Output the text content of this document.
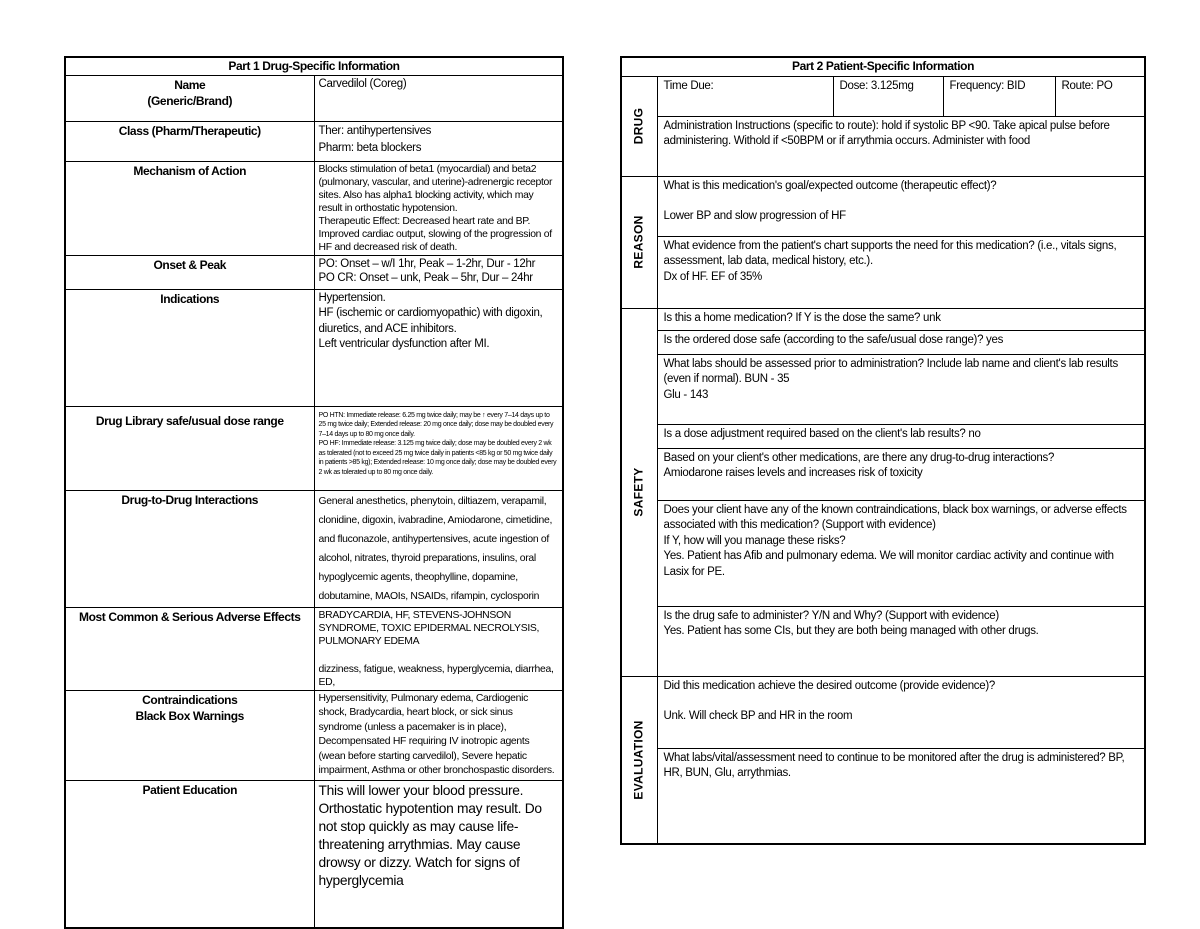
Part 1 Drug-Specific Information	
Name
(Generic/Brand)	Carvedilol (Coreg)
Class (Pharm/Therapeutic)	Ther: antihypertensives
Pharm: beta blockers
Mechanism of Action	Blocks stimulation of beta1 (myocardial) and beta2 (pulmonary, vascular, and uterine)-adrenergic receptor sites. Also has alpha1 blocking activity, which may result in orthostatic hypotension.
Therapeutic Effect: Decreased heart rate and BP.
Improved cardiac output, slowing of the progression of HF and decreased risk of death.
Onset & Peak	PO: Onset – w/I 1hr, Peak – 1-2hr, Dur - 12hr
PO CR: Onset – unk, Peak – 5hr, Dur – 24hr
Indications	Hypertension.
HF (ischemic or cardiomyopathic) with digoxin, diuretics, and ACE inhibitors.
Left ventricular dysfunction after MI.
Drug Library safe/usual dose range	PO HTN: Immediate release: 6.25 mg twice daily; may be ↑ every 7–14 days up to 25 mg twice daily; Extended release: 20 mg once daily; dose may be doubled every 7–14 days up to 80 mg once daily.
PO HF: Immediate release: 3.125 mg twice daily; dose may be doubled every 2 wk as tolerated (not to exceed 25 mg twice daily in patients <85 kg or 50 mg twice daily in patients >85 kg); Extended release: 10 mg once daily; dose may be doubled every 2 wk as tolerated up to 80 mg once daily.
Drug-to-Drug Interactions	General anesthetics, phenytoin, diltiazem, verapamil, clonidine, digoxin, ivabradine, Amiodarone, cimetidine, and fluconazole, antihypertensives, acute ingestion of alcohol, nitrates, thyroid preparations, insulins, oral hypoglycemic agents, theophylline, dopamine, dobutamine, MAOIs, NSAIDs, rifampin, cyclosporin
Most Common & Serious Adverse Effects	BRADYCARDIA, HF, STEVENS-JOHNSON SYNDROME, TOXIC EPIDERMAL NECROLYSIS, PULMONARY EDEMA
dizziness, fatigue, weakness, hyperglycemia, diarrhea, ED,

Contraindications
Black Box Warnings	Hypersensitivity, Pulmonary edema, Cardiogenic shock, Bradycardia, heart block, or sick sinus syndrome (unless a pacemaker is in place), Decompensated HF requiring IV inotropic agents (wean before starting carvedilol), Severe hepatic impairment, Asthma or other bronchospastic disorders.
Patient Education	This will lower your blood pressure. Orthostatic hypotention may result. Do not stop quickly as may cause life-threatening arrythmias. May cause drowsy or dizzy. Watch for signs of hyperglycemia
Part 2 Patient-Specific Information				

DRUG	Time Due:	Dose: 3.125mg	Frequency: BID	Route: PO
	Administration Instructions (specific to route): hold if systolic BP <90. Take apical pulse before administering. Withold if <50BPM or if arrythmia occurs. Administer with food			

REASON	What is this medication's goal/expected outcome (therapeutic effect)?
Lower BP and slow progression of HF			

	What evidence from the patient's chart supports the need for this medication? (i.e., vitals signs, assessment, lab data, medical history, etc.).
Dx of HF. EF of 35%			

SAFETY	Is this a home medication? If Y is the dose the same? unk			
	Is the ordered dose safe (according to the safe/usual dose range)? yes			

	What labs should be assessed prior to administration? Include lab name and client's lab results (even if normal). BUN - 35
Glu - 143			

	Is a dose adjustment required based on the client's lab results? no			

	Based on your client's other medications, are there any drug-to-drug interactions?
Amiodarone raises levels and increases risk of toxicity			

	Does your client have any of the known contraindications, black box warnings, or adverse effects associated with this medication? (Support with evidence)
If Y, how will you manage these risks?
Yes. Patient has Afib and pulmonary edema. We will monitor cardiac activity and continue with Lasix for PE.			

	Is the drug safe to administer? Y/N and Why? (Support with evidence)
Yes. Patient has some CIs, but they are both being managed with other drugs.			

EVALUATION	Did this medication achieve the desired outcome (provide evidence)?
Unk. Will check BP and HR in the room			

	What labs/vital/assessment need to continue to be monitored after the drug is administered? BP, HR, BUN, Glu, arrythmias.			
